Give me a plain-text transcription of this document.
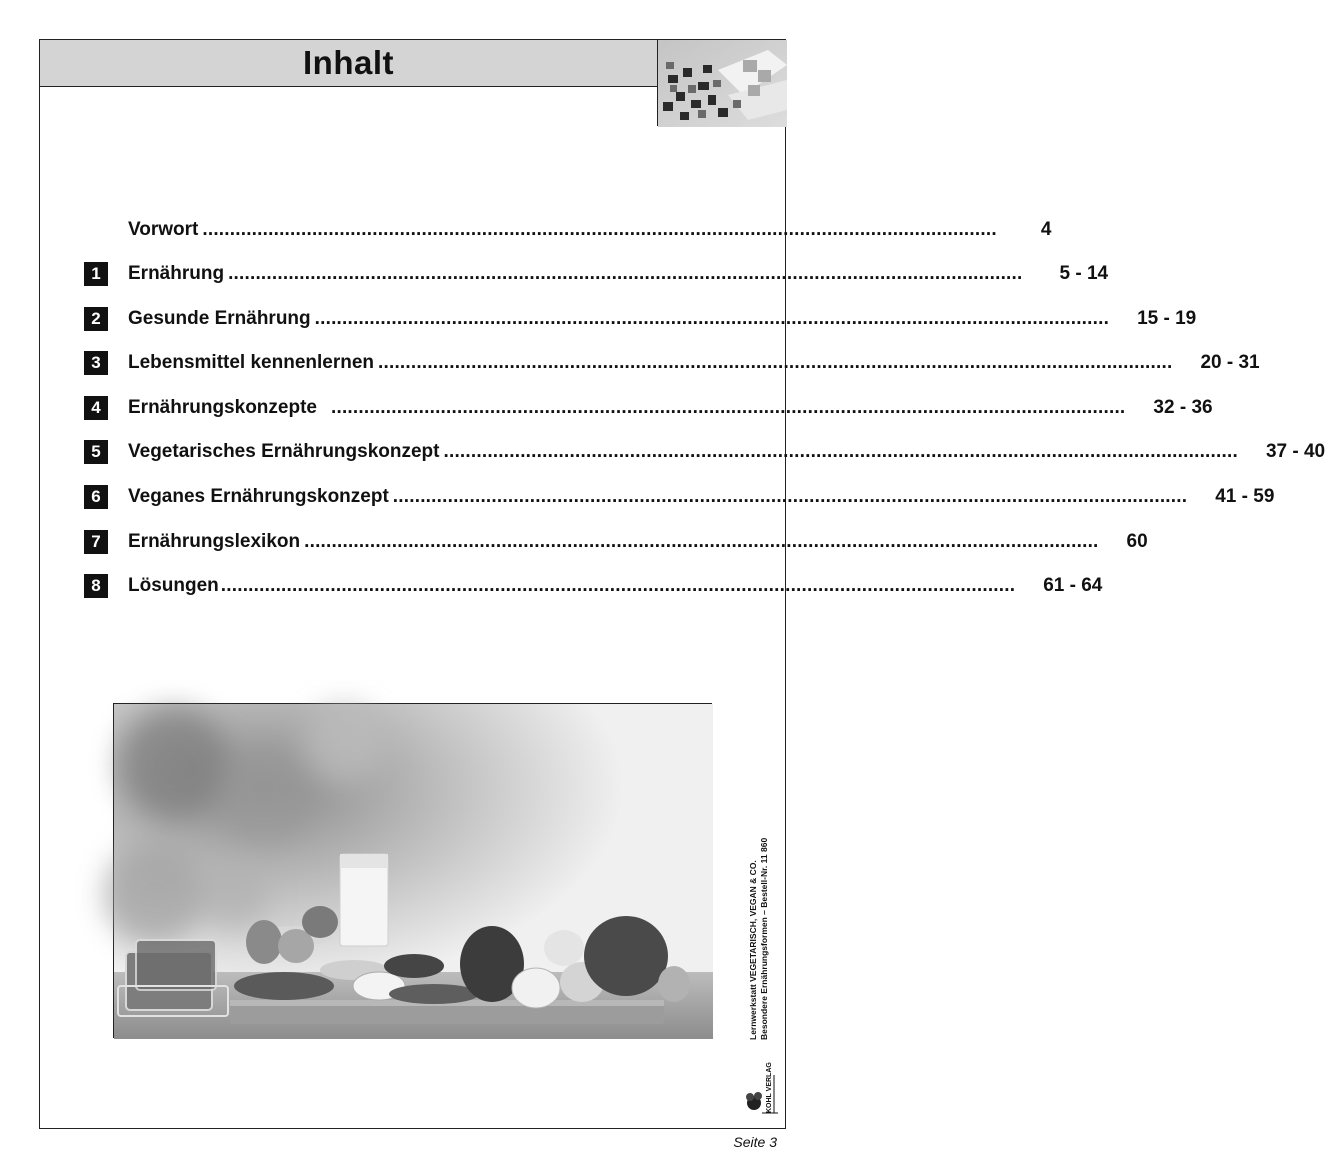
Inhalt
Vorwort .................................................................................................................................................	4
1	Ernährung .................................................................................................................................................	5 - 14
2	Gesunde Ernährung ................................................................................................................................................. 15 - 19
3	Lebensmittel kennenlernen ................................................................................................................................................. 20 - 31
4	Ernährungskonzepte ................................................................................................................................................. 32 - 36
5	Vegetarisches Ernährungskonzept ................................................................................................................................................. 37 - 40
6	Veganes Ernährungskonzept ................................................................................................................................................. 41 - 59
7	Ernährungslexikon ................................................................................................................................................. 60
8	Lösungen ................................................................................................................................................. 61 - 64
Lernwerkstatt VEGETARISCH, VEGAN & CO. Besondere Ernährungsformen – Bestell-Nr. 11 860
KOHL VERLAG
Seite 3
